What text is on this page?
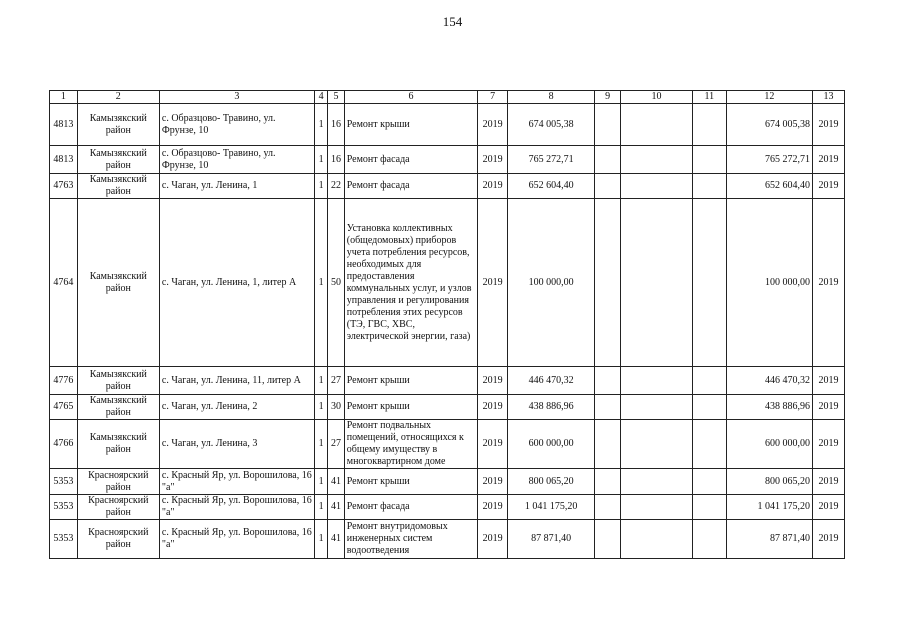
154
1	2	3	4	5	6	7	8	9	10	11	12	13
4813	Камызякский район	с. Образцово- Травино, ул. Фрунзе, 10	1	16	Ремонт крыши	2019	674 005,38				674 005,38	2019
4813	Камызякский район	с. Образцово- Травино, ул. Фрунзе, 10	1	16	Ремонт фасада	2019	765 272,71				765 272,71	2019
4763	Камызякский район	с. Чаган, ул. Ленина, 1	1	22	Ремонт фасада	2019	652 604,40				652 604,40	2019
4764	Камызякский район	с. Чаган, ул. Ленина, 1, литер А	1	50	Установка коллективных (общедомовых) приборов учета потребления ресурсов, необходимых для предоставления коммунальных услуг, и узлов управления и регулирования потребления этих ресурсов (ТЭ, ГВС, ХВС, электрической энергии, газа)	2019	100 000,00				100 000,00	2019
4776	Камызякский район	с. Чаган, ул. Ленина, 11, литер А	1	27	Ремонт крыши	2019	446 470,32				446 470,32	2019
4765	Камызякский район	с. Чаган, ул. Ленина, 2	1	30	Ремонт крыши	2019	438 886,96				438 886,96	2019
4766	Камызякский район	с. Чаган, ул. Ленина, 3	1	27	Ремонт подвальных помещений, относящихся к общему имуществу в многоквартирном доме	2019	600 000,00				600 000,00	2019
5353	Красноярский район	с. Красный Яр, ул. Ворошилова, 16 "а"	1	41	Ремонт крыши	2019	800 065,20				800 065,20	2019
5353	Красноярский район	с. Красный Яр, ул. Ворошилова, 16 "а"	1	41	Ремонт фасада	2019	1 041 175,20				1 041 175,20	2019
5353	Красноярский район	с. Красный Яр, ул. Ворошилова, 16 "а"	1	41	Ремонт внутридомовых инженерных систем водоотведения	2019	87 871,40				87 871,40	2019
